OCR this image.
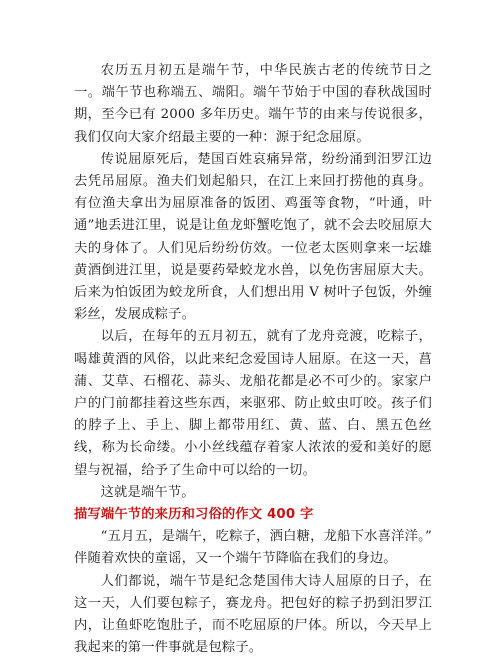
农历五月初五是端午节，中华民族古老的传统节日之一。端午节也称端五、端阳。端午节始于中国的春秋战国时期，至今已有 2000 多年历史。端午节的由来与传说很多，我们仅向大家介绍最主要的一种：源于纪念屈原。

传说屈原死后，楚国百姓哀痛异常，纷纷涌到汨罗江边去凭吊屈原。渔夫们划起船只，在江上来回打捞他的真身。有位渔夫拿出为屈原准备的饭团、鸡蛋等食物，“叶通，叶通”地丢进江里，说是让鱼龙虾蟹吃饱了，就不会去咬屈原大夫的身体了。人们见后纷纷仿效。一位老太医则拿来一坛雄黄酒倒进江里，说是要药晕蛟龙水兽，以免伤害屈原大夫。后来为怕饭团为蛟龙所食，人们想出用 V 树叶子包饭，外缠彩丝，发展成粽子。

以后，在每年的五月初五，就有了龙舟竞渡，吃粽子，喝雄黄酒的风俗，以此来纪念爱国诗人屈原。在这一天，菖蒲、艾草、石榴花、蒜头、龙船花都是必不可少的。家家户户的门前都挂着这些东西，来驱邪、防止蚊虫叮咬。孩子们的脖子上、手上、脚上都带用红、黄、蓝、白、黑五色丝线，称为长命缕。小小丝线蕴存着家人浓浓的爱和美好的愿望与祝福，给予了生命中可以给的一切。

这就是端午节。

描写端午节的来历和习俗的作文 400 字

“五月五，是端午，吃粽子，洒白糖，龙船下水喜洋洋。” 伴随着欢快的童谣，又一个端午节降临在我们的身边。

人们都说，端午节是纪念楚国伟大诗人屈原的日子，在这一天，人们要包粽子，赛龙舟。把包好的粽子扔到汨罗江内，让鱼虾吃饱肚子，而不吃屈原的尸体。所以，今天早上我起来的第一件事就是包粽子。
